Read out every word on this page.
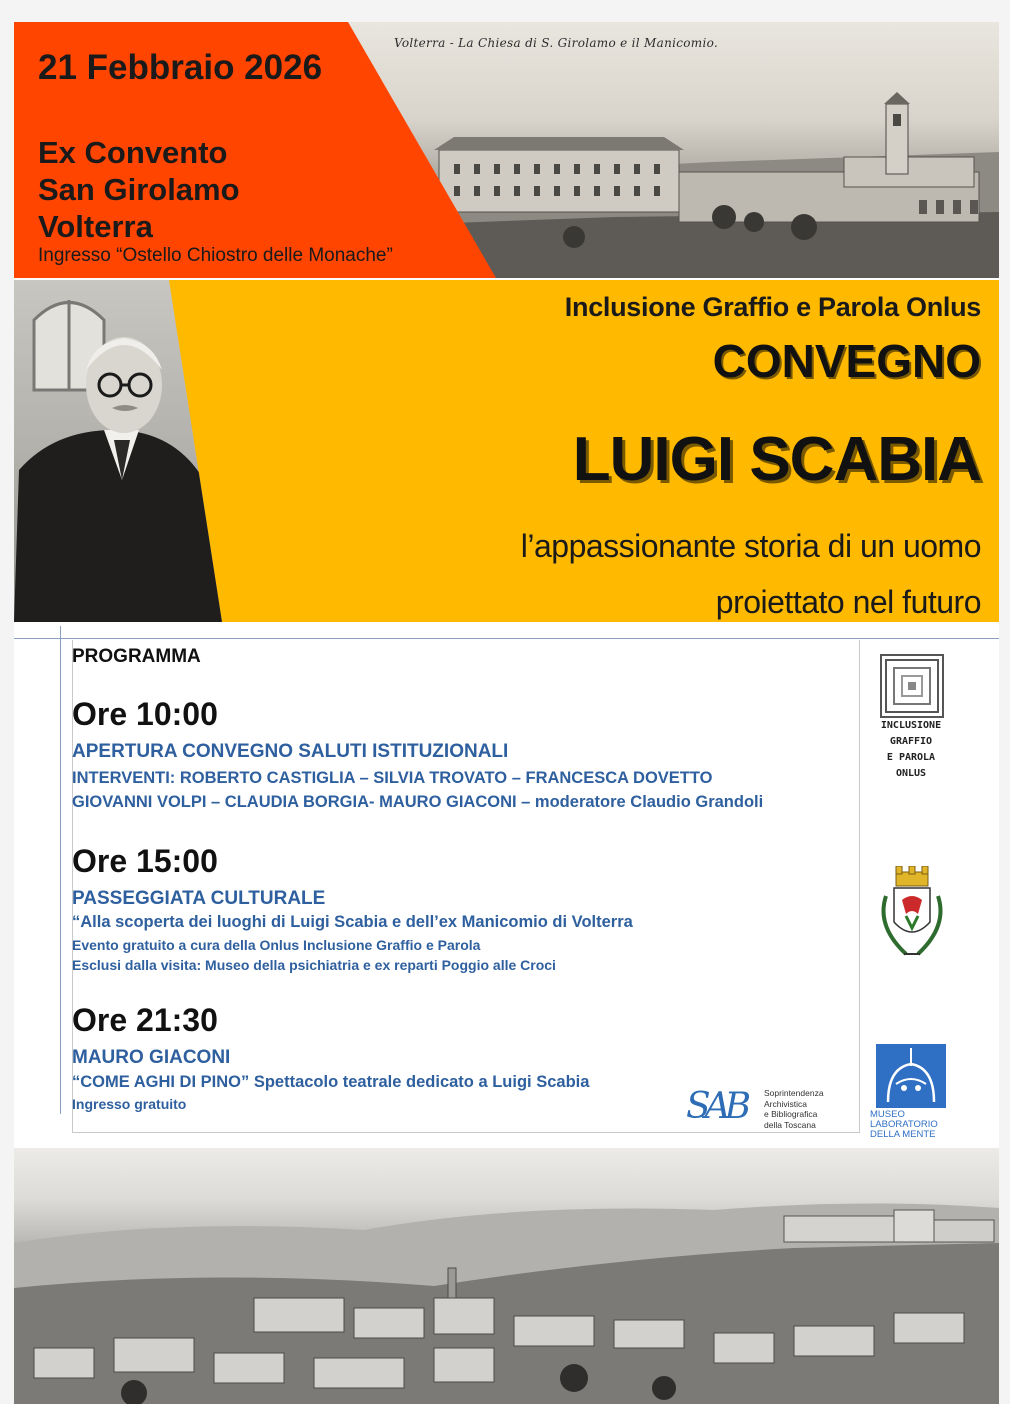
Volterra - La Chiesa di S. Girolamo e il Manicomio.
21 Febbraio 2026
Ex Convento
San Girolamo
Volterra
Ingresso “Ostello Chiostro delle Monache”
Inclusione Graffio e Parola Onlus
CONVEGNO
LUIGI SCABIA
l’appassionante storia di un uomo
proiettato nel futuro
PROGRAMMA
Ore 10:00
APERTURA CONVEGNO SALUTI ISTITUZIONALI
INTERVENTI: ROBERTO CASTIGLIA – SILVIA TROVATO – FRANCESCA DOVETTO
GIOVANNI VOLPI – CLAUDIA BORGIA- MAURO GIACONI – moderatore Claudio Grandoli
Ore 15:00
PASSEGGIATA CULTURALE
“Alla scoperta dei luoghi di Luigi Scabia e dell’ex Manicomio di Volterra
Evento gratuito a cura della Onlus Inclusione Graffio e Parola
Esclusi dalla visita: Museo della psichiatria e ex reparti Poggio alle Croci
Ore 21:30
MAURO GIACONI
“COME AGHI DI PINO” Spettacolo teatrale dedicato a Luigi Scabia
Ingresso gratuito
INCLUSIONE
GRAFFIO
E PAROLA
ONLUS
SAB Soprintendenza
Archivistica
e Bibliografica
della Toscana
MUSEO
LABORATORIO
DELLA MENTE
